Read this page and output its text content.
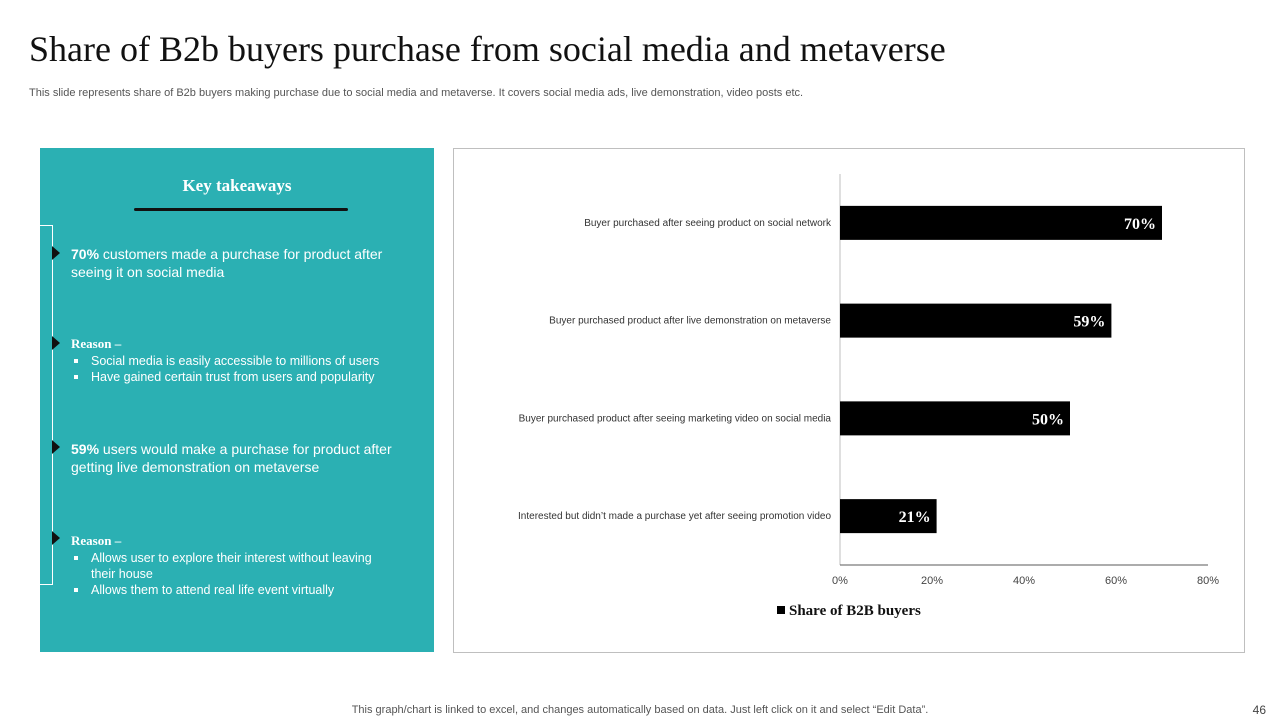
Share of B2b buyers purchase from social media and metaverse
This slide represents share of B2b buyers making purchase due to social media and metaverse. It covers social media ads, live demonstration, video posts etc.
Key takeaways
70% customers made a purchase for product after seeing it on social media
Reason –
Social media is easily accessible to millions of users
Have gained certain trust from users and popularity
59% users would make a purchase for product after getting live demonstration on metaverse
Reason –
Allows user to explore their interest without leaving their house
Allows them to attend real life event virtually
70%
Buyer purchased after seeing product on social network
59%
Buyer purchased product after live demonstration on metaverse
50%
Buyer purchased product after seeing marketing video on social media
21%
Interested but didn’t made a purchase yet after seeing promotion video
0%	20%	40%	60%	80%
Share of B2B buyers
This graph/chart is linked to excel, and changes automatically based on data. Just left click on it and select “Edit Data”.	46
